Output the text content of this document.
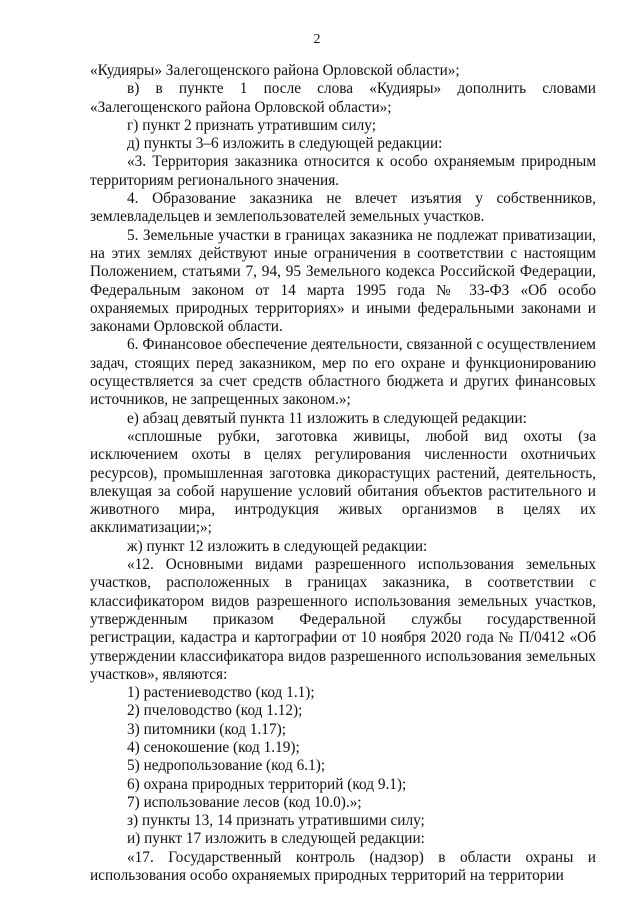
2

«Кудияры» Залегощенского района Орловской области»;

в) в пункте 1 после слова «Кудияры» дополнить словами «Залегощенского района Орловской области»;

г) пункт 2 признать утратившим силу;

д) пункты 3–6 изложить в следующей редакции:

«3. Территория заказника относится к особо охраняемым природным территориям регионального значения.

4. Образование заказника не влечет изъятия у собственников, землевладельцев и землепользователей земельных участков.

5. Земельные участки в границах заказника не подлежат приватизации, на этих землях действуют иные ограничения в соответствии с настоящим Положением, статьями 7, 94, 95 Земельного кодекса Российской Федерации, Федеральным законом от 14 марта 1995 года № 33-ФЗ «Об особо охраняемых природных территориях» и иными федеральными законами и законами Орловской области.

6. Финансовое обеспечение деятельности, связанной с осуществлением задач, стоящих перед заказником, мер по его охране и функционированию осуществляется за счет средств областного бюджета и других финансовых источников, не запрещенных законом.»;

е) абзац девятый пункта 11 изложить в следующей редакции:

«сплошные рубки, заготовка живицы, любой вид охоты (за исключением охоты в целях регулирования численности охотничьих ресурсов), промышленная заготовка дикорастущих растений, деятельность, влекущая за собой нарушение условий обитания объектов растительного и животного мира, интродукция живых организмов в целях их акклиматизации;»;

ж) пункт 12 изложить в следующей редакции:

«12. Основными видами разрешенного использования земельных участков, расположенных в границах заказника, в соответствии с классификатором видов разрешенного использования земельных участков, утвержденным приказом Федеральной службы государственной регистрации, кадастра и картографии от 10 ноября 2020 года № П/0412 «Об утверждении классификатора видов разрешенного использования земельных участков», являются:

1) растениеводство (код 1.1);

2) пчеловодство (код 1.12);

3) питомники (код 1.17);

4) сенокошение (код 1.19);

5) недропользование (код 6.1);

6) охрана природных территорий (код 9.1);

7) использование лесов (код 10.0).»;

з) пункты 13, 14 признать утратившими силу;

и) пункт 17 изложить в следующей редакции:

«17. Государственный контроль (надзор) в области охраны и использования особо охраняемых природных территорий на территории
